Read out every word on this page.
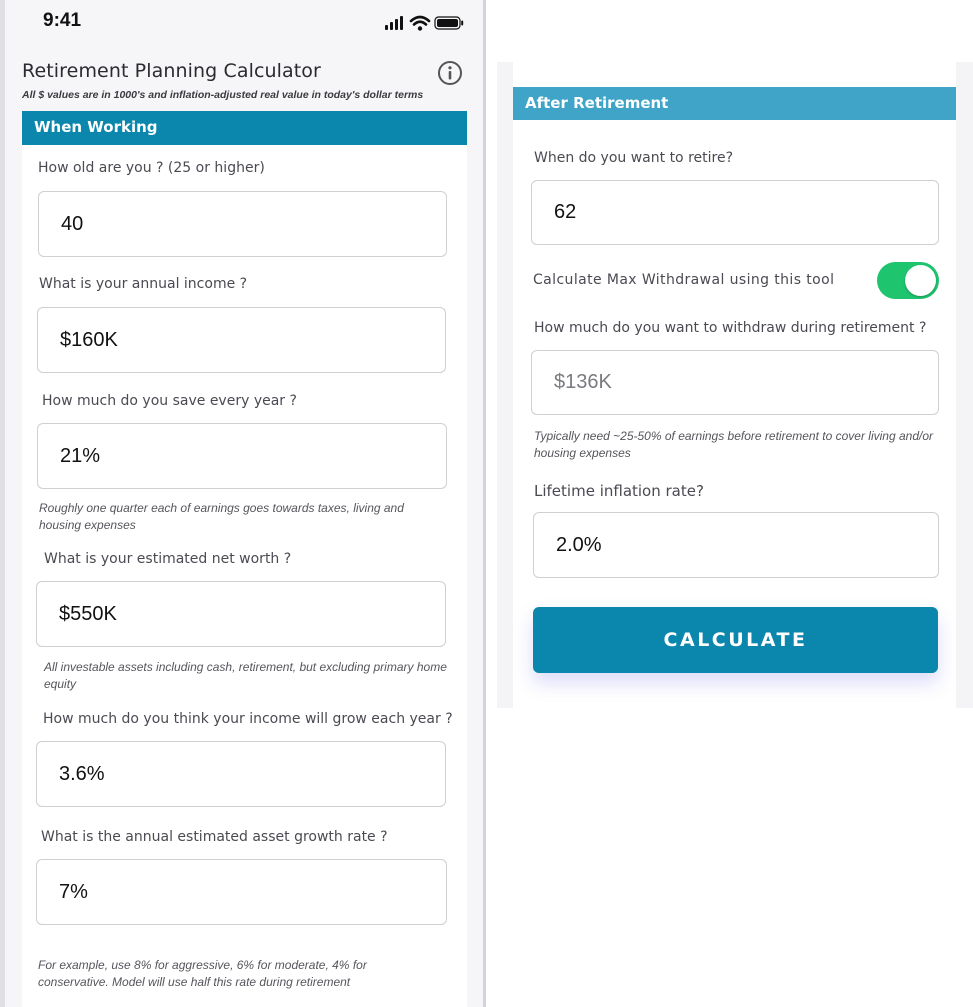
9:41
Retirement Planning Calculator
All $ values are in 1000's and inflation-adjusted real value in today's dollar terms
When Working
How old are you ? (25 or higher)
40
What is your annual income ?
$160K
How much do you save every year ?
21%
Roughly one quarter each of earnings goes towards taxes, living and housing expenses
What is your estimated net worth ?
$550K
All investable assets including cash, retirement, but excluding primary home equity
How much do you think your income will grow each year ?
3.6%
What is the annual estimated asset growth rate ?
7%
For example, use 8% for aggressive, 6% for moderate, 4% for conservative. Model will use half this rate during retirement
After Retirement
When do you want to retire?
62
Calculate Max Withdrawal using this tool
How much do you want to withdraw during retirement ?
$136K
Typically need ~25-50% of earnings before retirement to cover living and/or housing expenses
Lifetime inflation rate?
2.0%
CALCULATE
